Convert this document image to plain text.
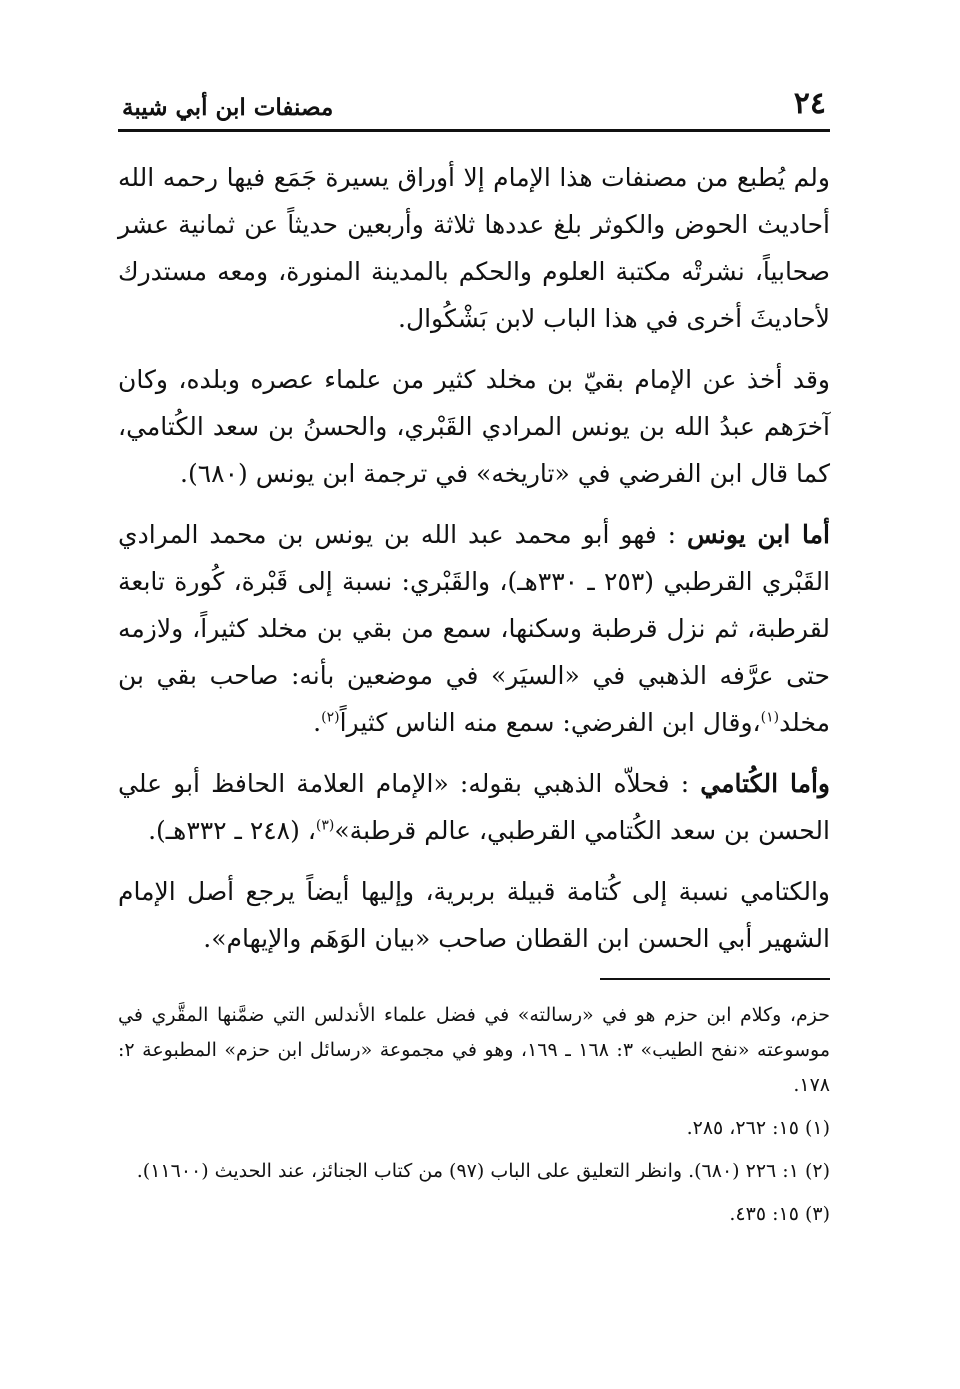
٢٤
مصنفات ابن أبي شيبة

ولم يُطبع من مصنفات هذا الإمام إلا أوراق يسيرة جَمَع فيها رحمه الله أحاديث الحوض والكوثر بلغ عددها ثلاثة وأربعين حديثاً عن ثمانية عشر صحابياً، نشرتْه مكتبة العلوم والحكم بالمدينة المنورة، ومعه مستدرك لأحاديثَ أخرى في هذا الباب لابن بَشْكُوال.

وقد أخذ عن الإمام بقيّ بن مخلد كثير من علماء عصره وبلده، وكان آخرَهم عبدُ الله بن يونس المرادي القَبْري، والحسنُ بن سعد الكُتامي، كما قال ابن الفرضي في «تاريخه» في ترجمة ابن يونس (٦٨٠).

أما ابن يونس : فهو أبو محمد عبد الله بن يونس بن محمد المرادي القَبْري القرطبي (٢٥٣ ـ ٣٣٠هـ)، والقَبْري: نسبة إلى قَبْرة، كُورة تابعة لقرطبة، ثم نزل قرطبة وسكنها، سمع من بقي بن مخلد كثيراً، ولازمه حتى عرَّفه الذهبي في «السيَر» في موضعين بأنه: صاحب بقي بن مخلد$^{(١)}$،وقال ابن الفرضي: سمع منه الناس كثيراً$^{(٢)}$.

وأما الكُتامي : فحلاّه الذهبي بقوله: «الإمام العلامة الحافظ أبو علي الحسن بن سعد الكُتامي القرطبي، عالم قرطبة»$^{(٣)}$، (٢٤٨ ـ ٣٣٢هـ).

والكتامي نسبة إلى كُتامة قبيلة بربرية، وإليها أيضاً يرجع أصل الإمام الشهير أبي الحسن ابن القطان صاحب «بيان الوَهَم والإيهام».

حزم، وكلام ابن حزم هو في «رسالته» في فضل علماء الأندلس التي ضمَّنها المقَّري في موسوعته «نفح الطيب» ٣: ١٦٨ ـ ١٦٩، وهو في مجموعة «رسائل ابن حزم» المطبوعة ٢: ١٧٨.

(١) ١٥: ٢٦٢، ٢٨٥.

(٢) ١: ٢٢٦ (٦٨٠). وانظر التعليق على الباب (٩٧) من كتاب الجنائز، عند الحديث (١١٦٠٠).

(٣) ١٥: ٤٣٥.
